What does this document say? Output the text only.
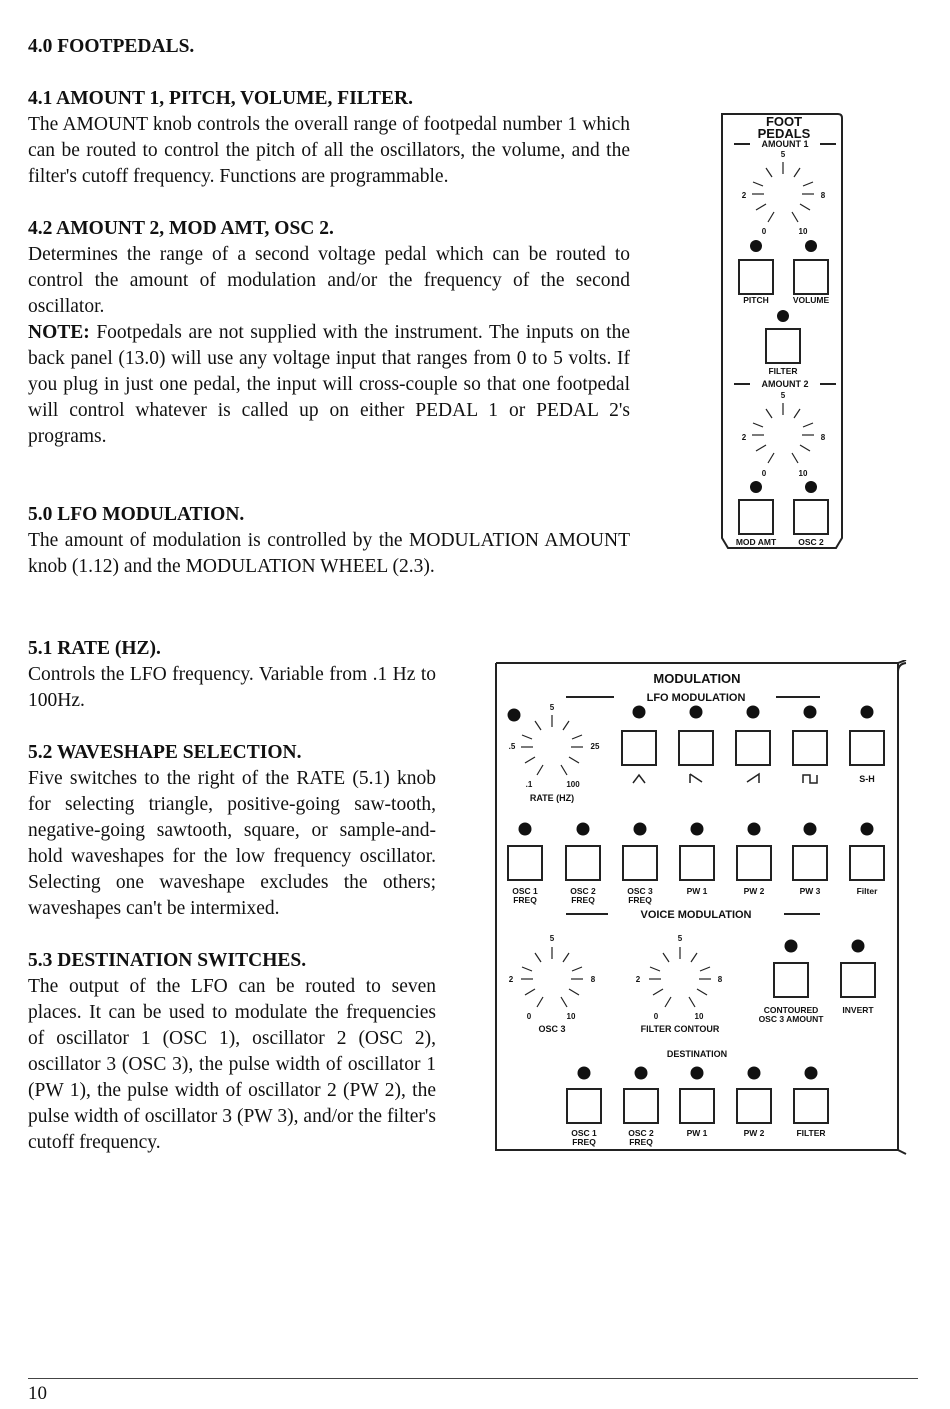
4.0 FOOTPEDALS.
4.1 AMOUNT 1, PITCH, VOLUME, FILTER.

The AMOUNT knob controls the overall range of footpedal number 1 which can be routed to control the pitch of all the oscillators, the volume, and the filter's cutoff frequency. Functions are programmable.

4.2 AMOUNT 2, MOD AMT, OSC 2.

Determines the range of a second voltage pedal which can be routed to control the amount of modulation and/or the frequency of the second oscillator.

NOTE: Footpedals are not supplied with the instrument. The inputs on the back panel (13.0) will use any voltage input that ranges from 0 to 5 volts. If you plug in just one pedal, the input will cross-couple so that one footpedal will control whatever is called up on either PEDAL 1 or PEDAL 2's programs.

5.0 LFO MODULATION.

The amount of modulation is controlled by the MODULATION AMOUNT knob (1.12) and the MODULATION WHEEL (2.3).

5.1 RATE (HZ).

Controls the LFO frequency. Variable from .1 Hz to 100Hz.

5.2 WAVESHAPE SELECTION.

Five switches to the right of the RATE (5.1) knob for selecting triangle, positive-going saw-tooth, negative-going sawtooth, square, or sample-and-hold waveshapes for the low frequency oscillator. Selecting one waveshape excludes the others; waveshapes can't be intermixed.

5.3 DESTINATION SWITCHES.

The output of the LFO can be routed to seven places. It can be used to modulate the frequencies of oscillator 1 (OSC 1), oscillator 2 (OSC 2), oscillator 3 (OSC 3), the pulse width of oscillator 1 (PW 1), the pulse width of oscillator 2 (PW 2), the pulse width of oscillator 3 (PW 3), and/or the filter's cutoff frequency.

FOOT
PEDALS
AMOUNT 1
5
2	8
0	10
PITCH	VOLUME
FILTER
AMOUNT 2
5
2	8
0	10
MOD AMT	OSC 2
MODULATION
LFO MODULATION
5
.5	25
.1	100
RATE (HZ)
S-H
OSC 1
FREQ
OSC 2
FREQ
OSC 3
FREQ
PW 1	PW 2	PW 3	Filter
VOICE MODULATION
5
2	8
0	10
OSC 3
5
2	8
0	10
FILTER CONTOUR
CONTOURED
OSC 3 AMOUNT
INVERT
DESTINATION
OSC 1
FREQ
OSC 2
FREQ
PW 1	PW 2	FILTER
10
